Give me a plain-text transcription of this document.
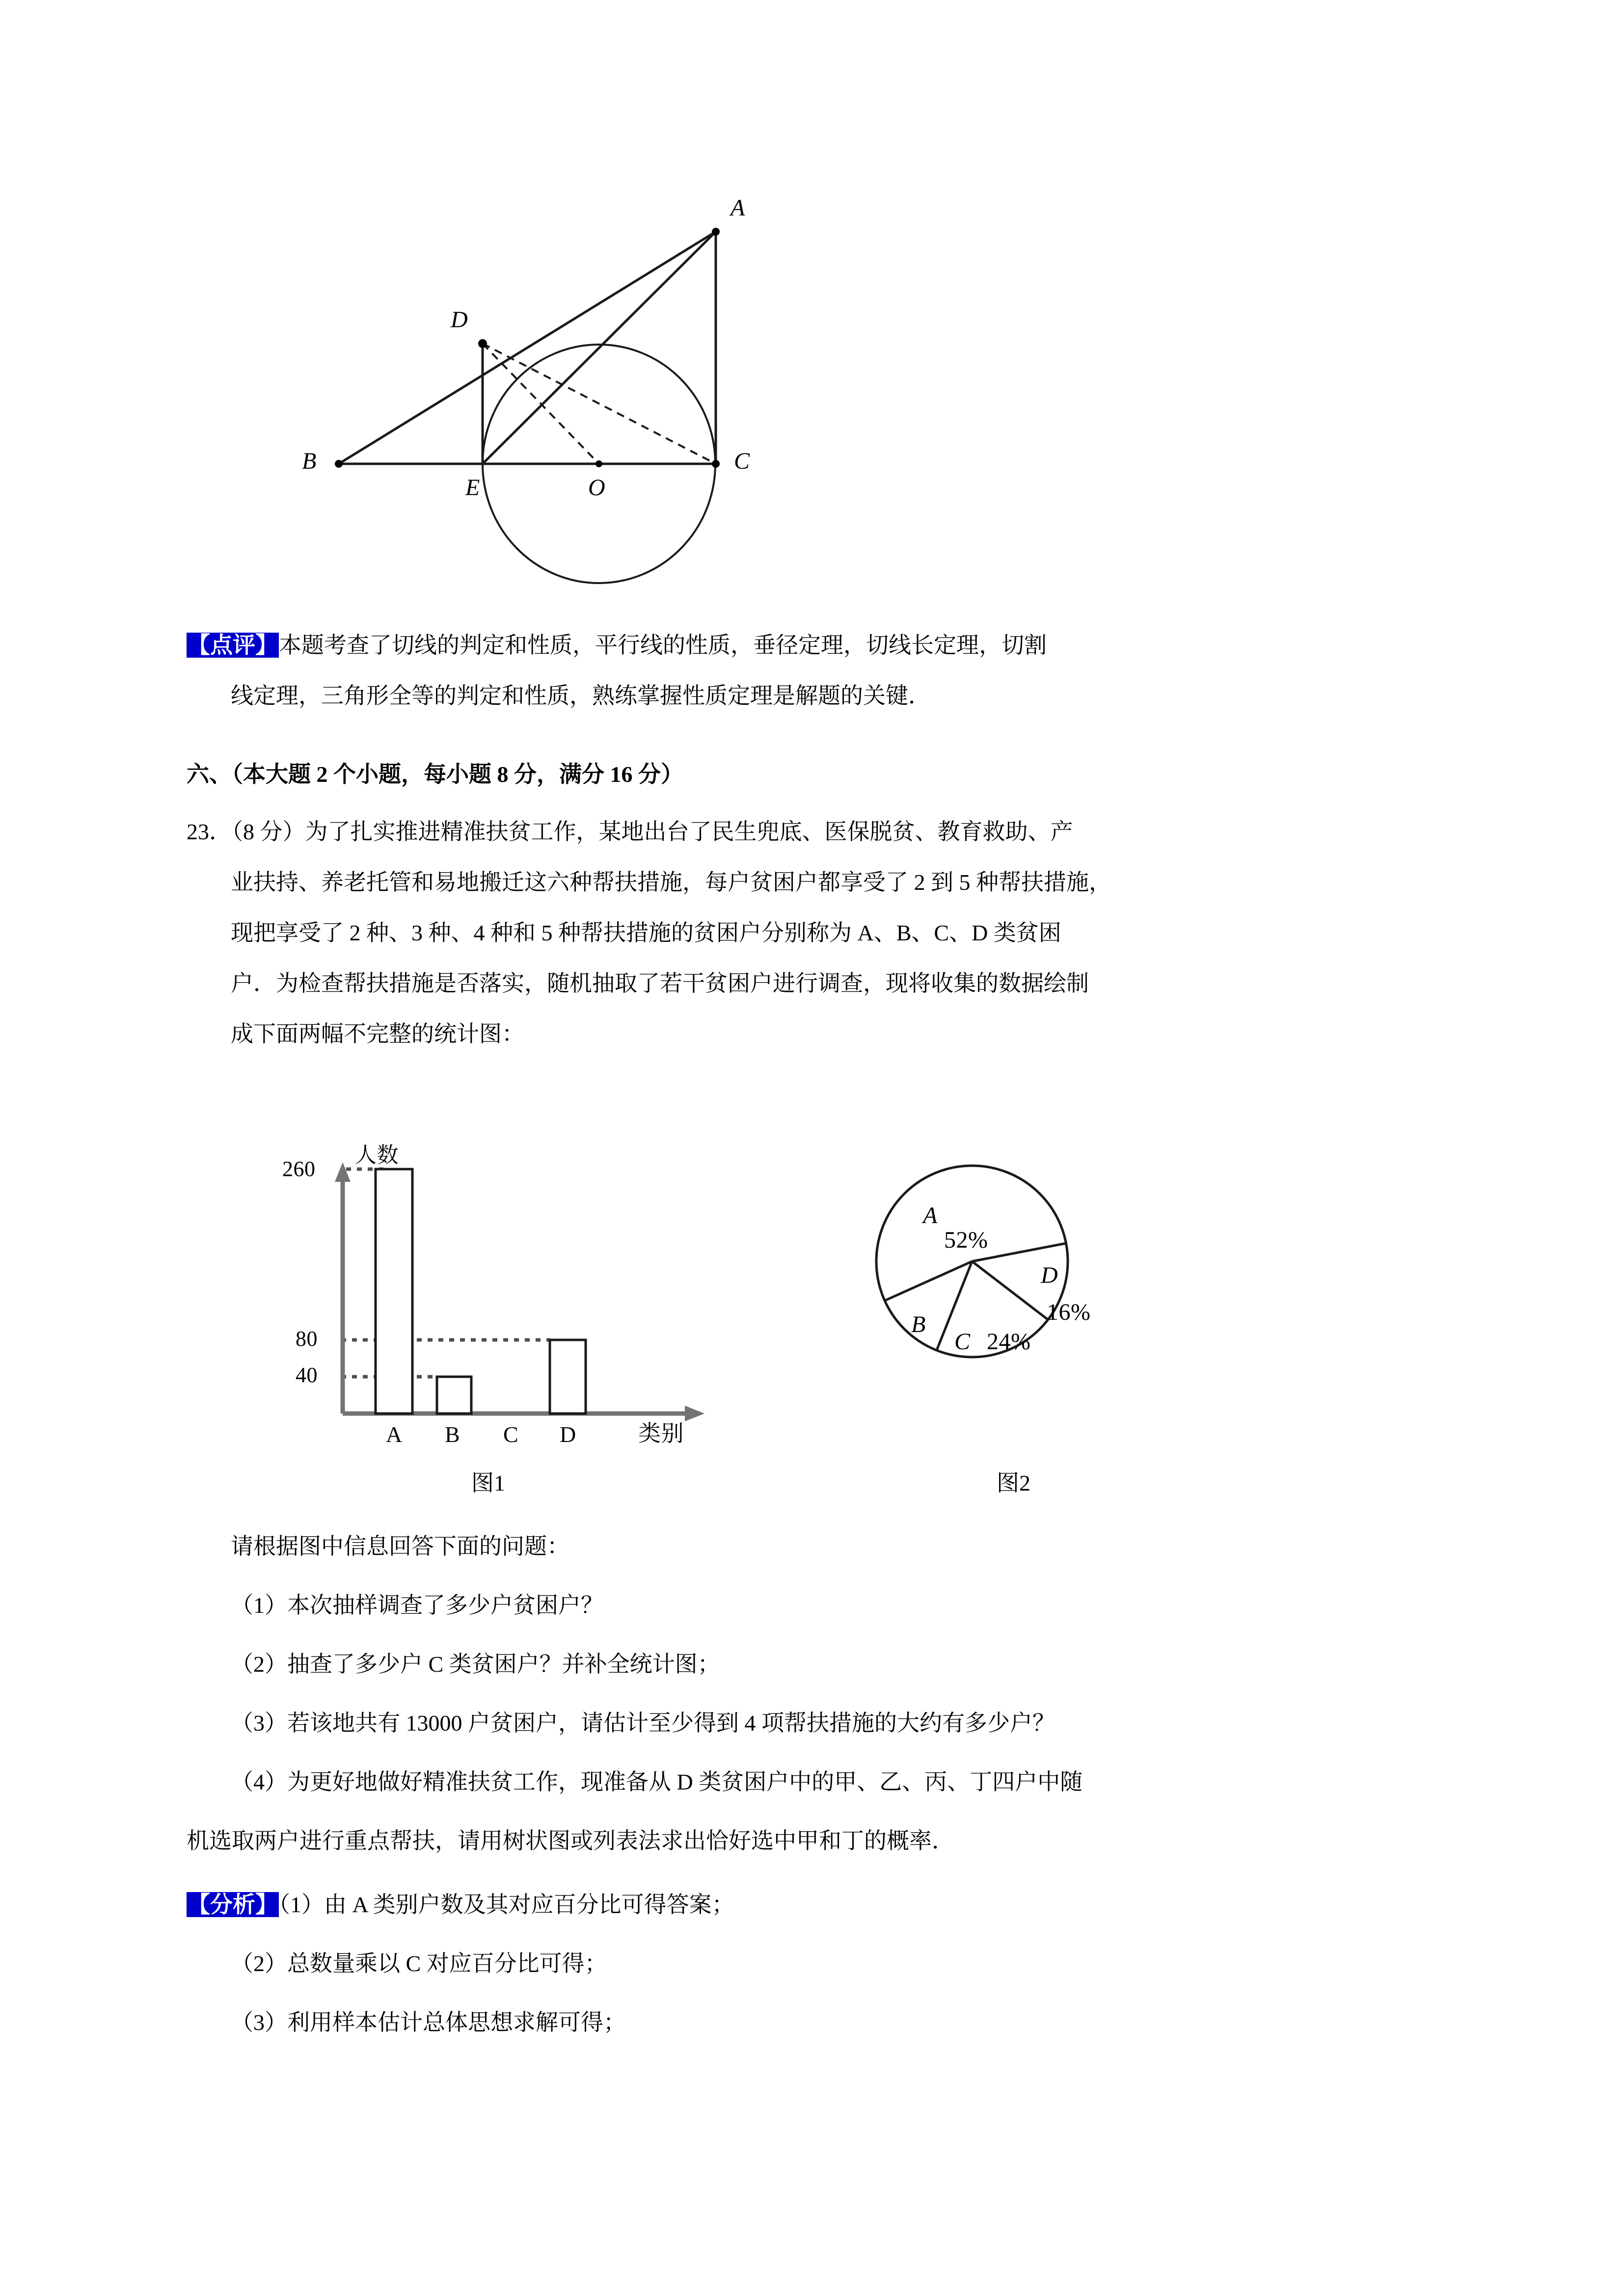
A
B	C
D
E	O
【点评】本题考查了切线的判定和性质，平行线的性质，垂径定理，切线长定理，切割
线定理，三角形全等的判定和性质，熟练掌握性质定理是解题的关键．
六、（本大题 2 个小题，每小题 8 分，满分 16 分）
23．（8 分）为了扎实推进精准扶贫工作，某地出台了民生兜底、医保脱贫、教育救助、产
业扶持、养老托管和易地搬迁这六种帮扶措施，每户贫困户都享受了 2 到 5 种帮扶措施，
现把享受了 2 种、3 种、4 种和 5 种帮扶措施的贫困户分别称为 A、B、C、D 类贫困
户．为检查帮扶措施是否落实，随机抽取了若干贫困户进行调查，现将收集的数据绘制
成下面两幅不完整的统计图：
人数
260
80
40
A B C D	类别
图1
A
52%
B
C 24%
D
16%
图2
请根据图中信息回答下面的问题：
（1）本次抽样调查了多少户贫困户？
（2）抽查了多少户 C 类贫困户？并补全统计图；
（3）若该地共有 13000 户贫困户，请估计至少得到 4 项帮扶措施的大约有多少户？
（4）为更好地做好精准扶贫工作，现准备从 D 类贫困户中的甲、乙、丙、丁四户中随
机选取两户进行重点帮扶，请用树状图或列表法求出恰好选中甲和丁的概率．
【分析】（1）由 A 类别户数及其对应百分比可得答案；
（2）总数量乘以 C 对应百分比可得；
（3）利用样本估计总体思想求解可得；
